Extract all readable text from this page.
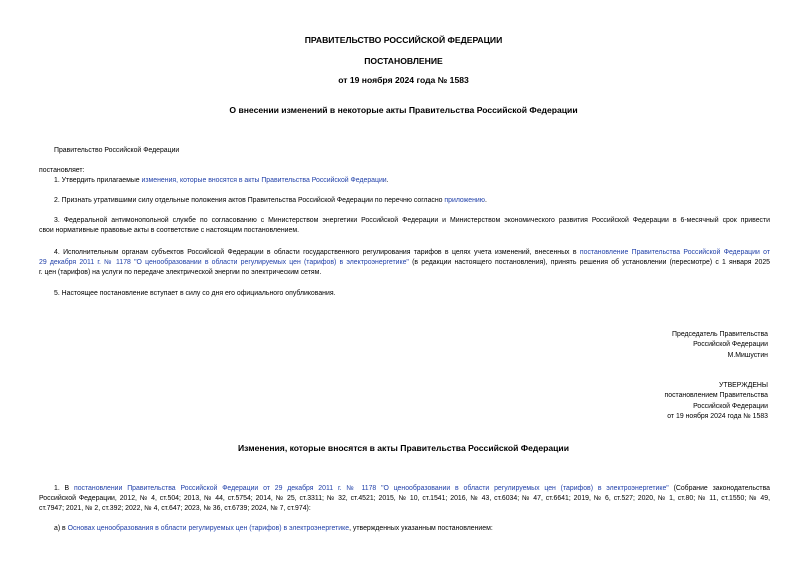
ПРАВИТЕЛЬСТВО РОССИЙСКОЙ ФЕДЕРАЦИИ
ПОСТАНОВЛЕНИЕ
от 19 ноября 2024 года № 1583
О внесении изменений в некоторые акты Правительства Российской Федерации
Правительство Российской Федерации
постановляет:
1. Утвердить прилагаемые изменения, которые вносятся в акты Правительства Российской Федерации.
2. Признать утратившими силу отдельные положения актов Правительства Российской Федерации по перечню согласно приложению.
3. Федеральной антимонопольной службе по согласованию с Министерством энергетики Российской Федерации и Министерством экономического развития Российской Федерации в 6-месячный срок привести
свои нормативные правовые акты в соответствие с настоящим постановлением.
4. Исполнительным органам субъектов Российской Федерации в области государственного регулирования тарифов в целях учета изменений, внесенных в постановление Правительства Российской Федерации от
29 декабря 2011 г. № 1178 "О ценообразовании в области регулируемых цен (тарифов) в электроэнергетике" (в редакции настоящего постановления), принять решения об установлении (пересмотре) с 1 января 2025
г. цен (тарифов) на услуги по передаче электрической энергии по электрическим сетям.
5. Настоящее постановление вступает в силу со дня его официального опубликования.
Председатель Правительства
Российской Федерации
М.Мишустин
УТВЕРЖДЕНЫ
постановлением Правительства
Российской Федерации
от 19 ноября 2024 года № 1583
Изменения, которые вносятся в акты Правительства Российской Федерации
1. В постановлении Правительства Российской Федерации от 29 декабря 2011 г. № 1178 "О ценообразовании в области регулируемых цен (тарифов) в электроэнергетике" (Собрание законодательства
Российской Федерации, 2012, № 4, ст.504; 2013, № 44, ст.5754; 2014, № 25, ст.3311; № 32, ст.4521; 2015, № 10, ст.1541; 2016, № 43, ст.6034; № 47, ст.6641; 2019, № 6, ст.527; 2020, № 1, ст.80; № 11, ст.1550; № 49,
ст.7947; 2021, № 2, ст.392; 2022, № 4, ст.647; 2023, № 36, ст.6739; 2024, № 7, ст.974):
а) в Основах ценообразования в области регулируемых цен (тарифов) в электроэнергетике, утвержденных указанным постановлением:
